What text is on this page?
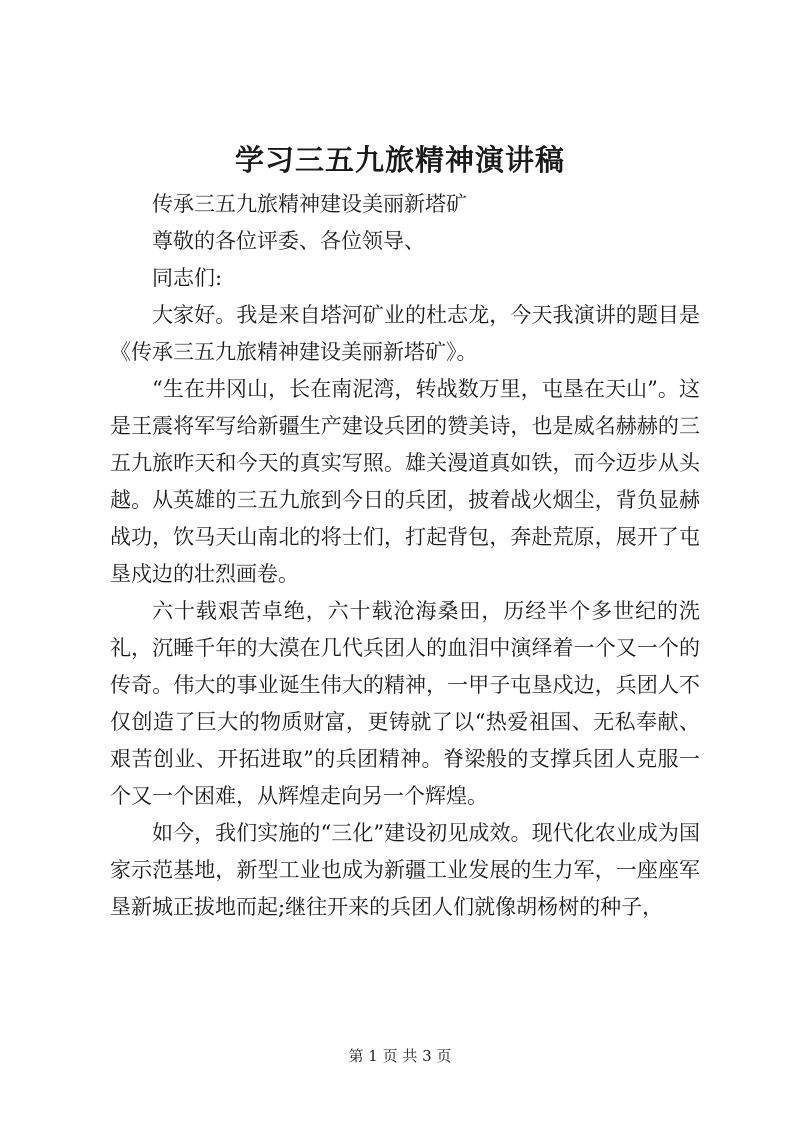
学习三五九旅精神演讲稿

传承三五九旅精神建设美丽新塔矿

尊敬的各位评委、各位领导、

同志们:

大家好。我是来自塔河矿业的杜志龙，今天我演讲的题目是《传承三五九旅精神建设美丽新塔矿》。

“生在井冈山，长在南泥湾，转战数万里，屯垦在天山”。这是王震将军写给新疆生产建设兵团的赞美诗，也是威名赫赫的三五九旅昨天和今天的真实写照。雄关漫道真如铁，而今迈步从头越。从英雄的三五九旅到今日的兵团，披着战火烟尘，背负显赫战功，饮马天山南北的将士们，打起背包，奔赴荒原，展开了屯垦戍边的壮烈画卷。

六十载艰苦卓绝，六十载沧海桑田，历经半个多世纪的洗礼，沉睡千年的大漠在几代兵团人的血泪中演绎着一个又一个的传奇。伟大的事业诞生伟大的精神，一甲子屯垦戍边，兵团人不仅创造了巨大的物质财富，更铸就了以“热爱祖国、无私奉献、艰苦创业、开拓进取”的兵团精神。脊梁般的支撑兵团人克服一个又一个困难，从辉煌走向另一个辉煌。

如今，我们实施的“三化”建设初见成效。现代化农业成为国家示范基地，新型工业也成为新疆工业发展的生力军，一座座军垦新城正拔地而起;继往开来的兵团人们就像胡杨树的种子，

第 1 页 共 3 页
